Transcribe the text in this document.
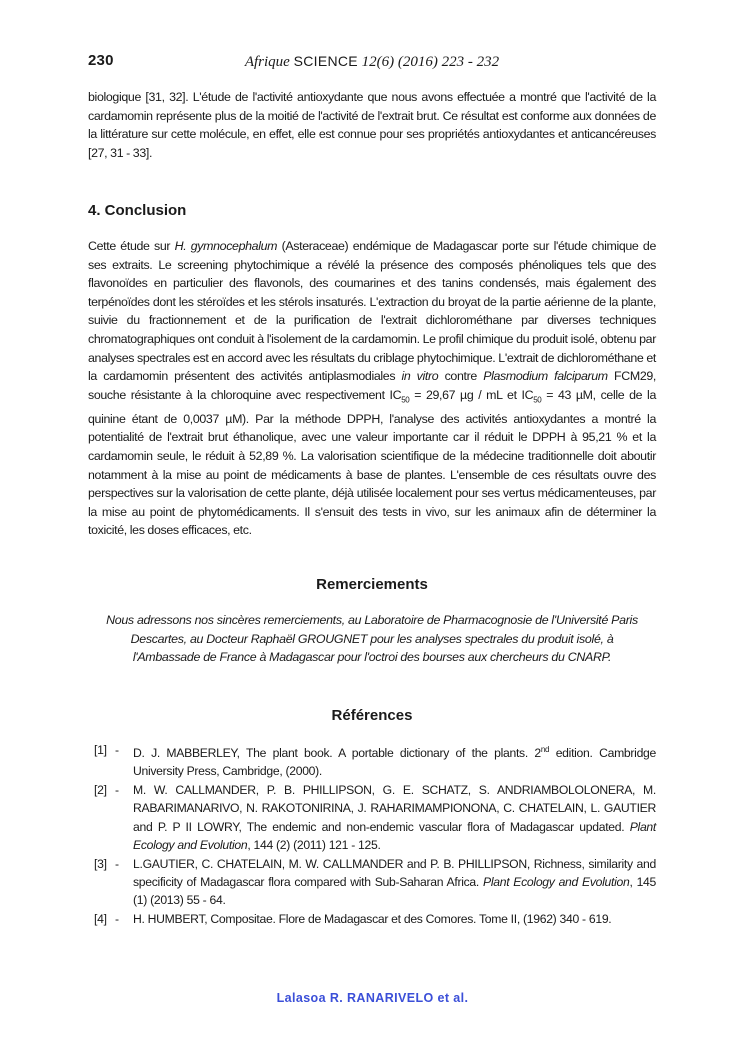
230	Afrique SCIENCE 12(6) (2016) 223 - 232

biologique [31, 32]. L'étude de l'activité antioxydante que nous avons effectuée a montré que l'activité de la cardamomin représente plus de la moitié de l'activité de l'extrait brut. Ce résultat est conforme aux données de la littérature sur cette molécule, en effet, elle est connue pour ses propriétés antioxydantes et anticancéreuses [27, 31 - 33].

4. Conclusion

Cette étude sur H. gymnocephalum (Asteraceae) endémique de Madagascar porte sur l'étude chimique de ses extraits. Le screening phytochimique a révélé la présence des composés phénoliques tels que des flavonoïdes en particulier des flavonols, des coumarines et des tanins condensés, mais également des terpénoïdes dont les stéroïdes et les stérols insaturés. L'extraction du broyat de la partie aérienne de la plante, suivie du fractionnement et de la purification de l'extrait dichlorométhane par diverses techniques chromatographiques ont conduit à l'isolement de la cardamomin. Le profil chimique du produit isolé, obtenu par analyses spectrales est en accord avec les résultats du criblage phytochimique. L'extrait de dichlorométhane et la cardamomin présentent des activités antiplasmodiales in vitro contre Plasmodium falciparum FCM29, souche résistante à la chloroquine avec respectivement $IC_{50} = 29,67$ µg / mL et $IC_{50} = 43$ µM, celle de la quinine étant de 0,0037 µM). Par la méthode DPPH, l'analyse des activités antioxydantes a montré la potentialité de l'extrait brut éthanolique, avec une valeur importante car il réduit le DPPH à 95,21 % et la cardamomin seule, le réduit à 52,89 %. La valorisation scientifique de la médecine traditionnelle doit aboutir notamment à la mise au point de médicaments à base de plantes. L'ensemble de ces résultats ouvre des perspectives sur la valorisation de cette plante, déjà utilisée localement pour ses vertus médicamenteuses, par la mise au point de phytomédicaments. Il s'ensuit des tests in vivo, sur les animaux afin de déterminer la toxicité, les doses efficaces, etc.

Remerciements

Nous adressons nos sincères remerciements, au Laboratoire de Pharmacognosie de l'Université Paris Descartes, au Docteur Raphaël GROUGNET pour les analyses spectrales du produit isolé, à l'Ambassade de France à Madagascar pour l'octroi des bourses aux chercheurs du CNARP.

Références
[1] - D. J. MABBERLEY, The plant book. A portable dictionary of the plants. 2nd edition. Cambridge University Press, Cambridge, (2000).
[2] - M. W. CALLMANDER, P. B. PHILLIPSON, G. E. SCHATZ, S. ANDRIAMBOLOLONERA, M. RABARIMANARIVO, N. RAKOTONIRINA, J. RAHARIMAMPIONONA, C. CHATELAIN, L. GAUTIER and P. P II LOWRY, The endemic and non-endemic vascular flora of Madagascar updated. Plant Ecology and Evolution, 144 (2) (2011) 121 - 125.
[3] - L.GAUTIER, C. CHATELAIN, M. W. CALLMANDER and P. B. PHILLIPSON, Richness, similarity and specificity of Madagascar flora compared with Sub-Saharan Africa. Plant Ecology and Evolution, 145 (1) (2013) 55 - 64.
[4] - H. HUMBERT, Compositae. Flore de Madagascar et des Comores. Tome II, (1962) 340 - 619.
Lalasoa R. RANARIVELO et al.
